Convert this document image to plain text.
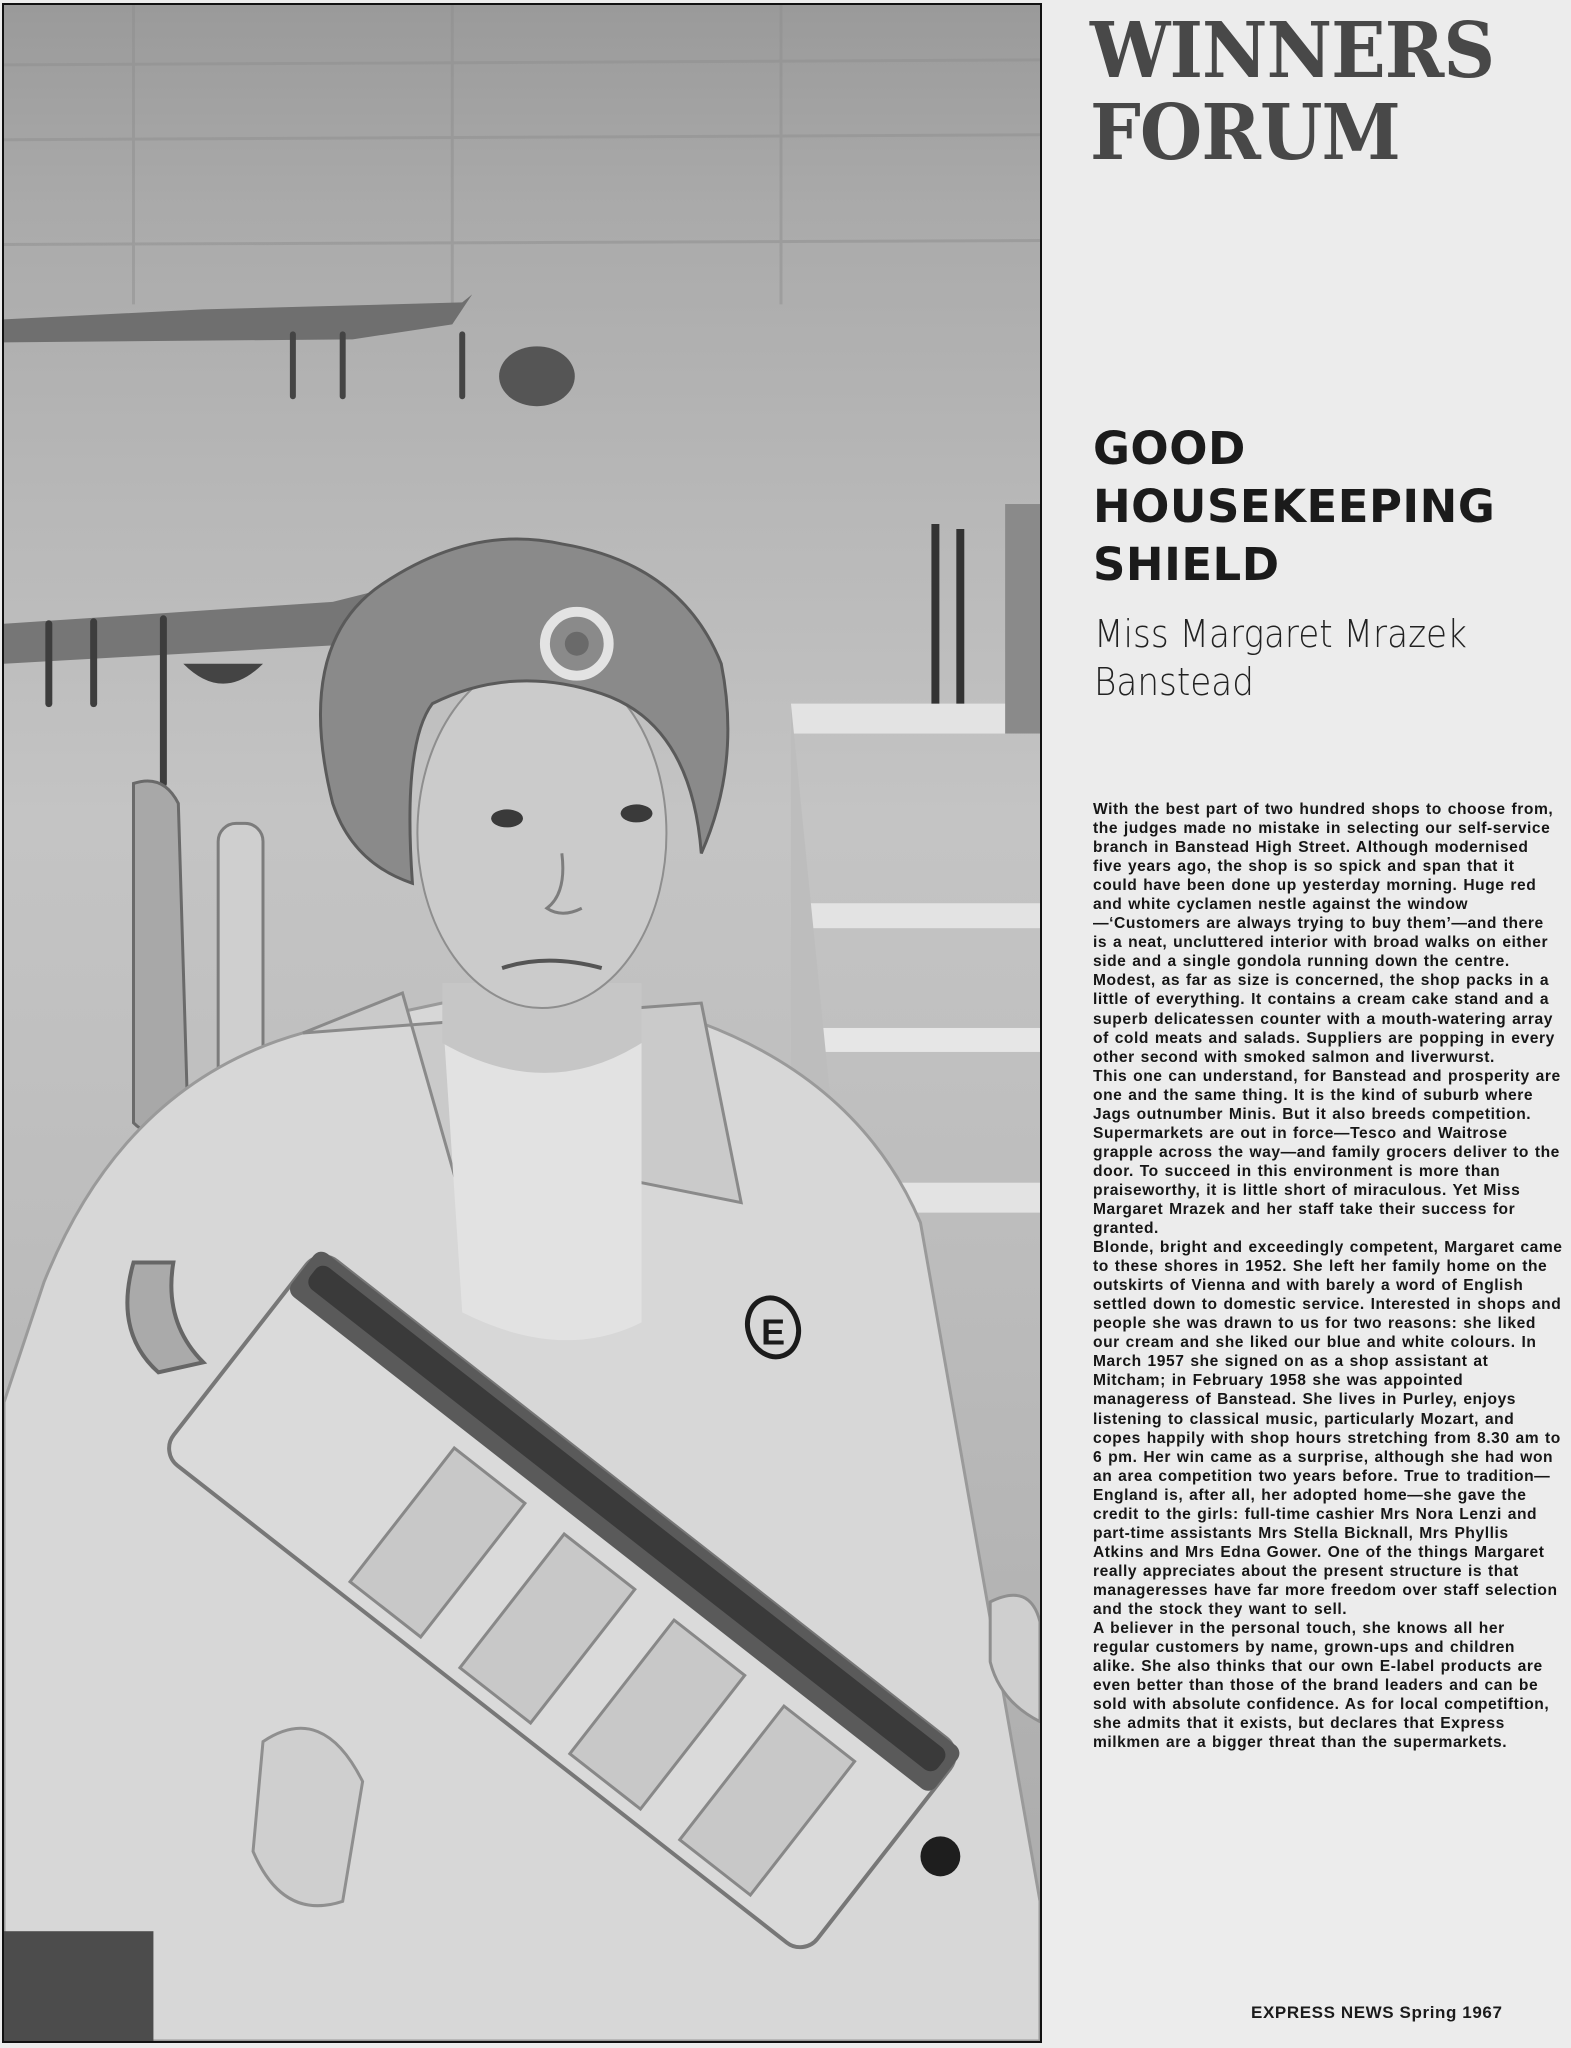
E
WINNERS
FORUM
GOOD
HOUSEKEEPING
SHIELD
Miss Margaret Mrazek
Banstead

With the best part of two hundred shops to choose from, the judges made no mistake in selecting our self-service branch in Banstead High Street. Although modernised five years ago, the shop is so spick and span that it could have been done up yesterday morning. Huge red and white cyclamen nestle against the window—‘Customers are always trying to buy them’—and there is a neat, uncluttered interior with broad walks on either side and a single gondola running down the centre. Modest, as far as size is concerned, the shop packs in a little of everything. It contains a cream cake stand and a superb delicatessen counter with a mouth-watering array of cold meats and salads. Suppliers are popping in every other second with smoked salmon and liverwurst.

This one can understand, for Banstead and prosperity are one and the same thing. It is the kind of suburb where Jags outnumber Minis. But it also breeds competition. Supermarkets are out in force—Tesco and Waitrose grapple across the way—and family grocers deliver to the door. To succeed in this environment is more than praiseworthy, it is little short of miraculous. Yet Miss Margaret Mrazek and her staff take their success for granted.

Blonde, bright and exceedingly competent, Margaret came to these shores in 1952. She left her family home on the outskirts of Vienna and with barely a word of English settled down to domestic service. Interested in shops and people she was drawn to us for two reasons: she liked our cream and she liked our blue and white colours. In March 1957 she signed on as a shop assistant at Mitcham; in February 1958 she was appointed manageress of Banstead. She lives in Purley, enjoys listening to classical music, particularly Mozart, and copes happily with shop hours stretching from 8.30 am to 6 pm. Her win came as a surprise, although she had won an area competition two years before. True to tradition—England is, after all, her adopted home—she gave the credit to the girls: full-time cashier Mrs Nora Lenzi and part-time assistants Mrs Stella Bicknall, Mrs Phyllis Atkins and Mrs Edna Gower. One of the things Margaret really appreciates about the present structure is that manageresses have far more freedom over staff selection and the stock they want to sell.

A believer in the personal touch, she knows all her regular customers by name, grown-ups and children alike. She also thinks that our own E-label products are even better than those of the brand leaders and can be sold with absolute confidence. As for local competiftion, she admits that it exists, but declares that Express milkmen are a bigger threat than the supermarkets.

EXPRESS NEWS Spring 1967
